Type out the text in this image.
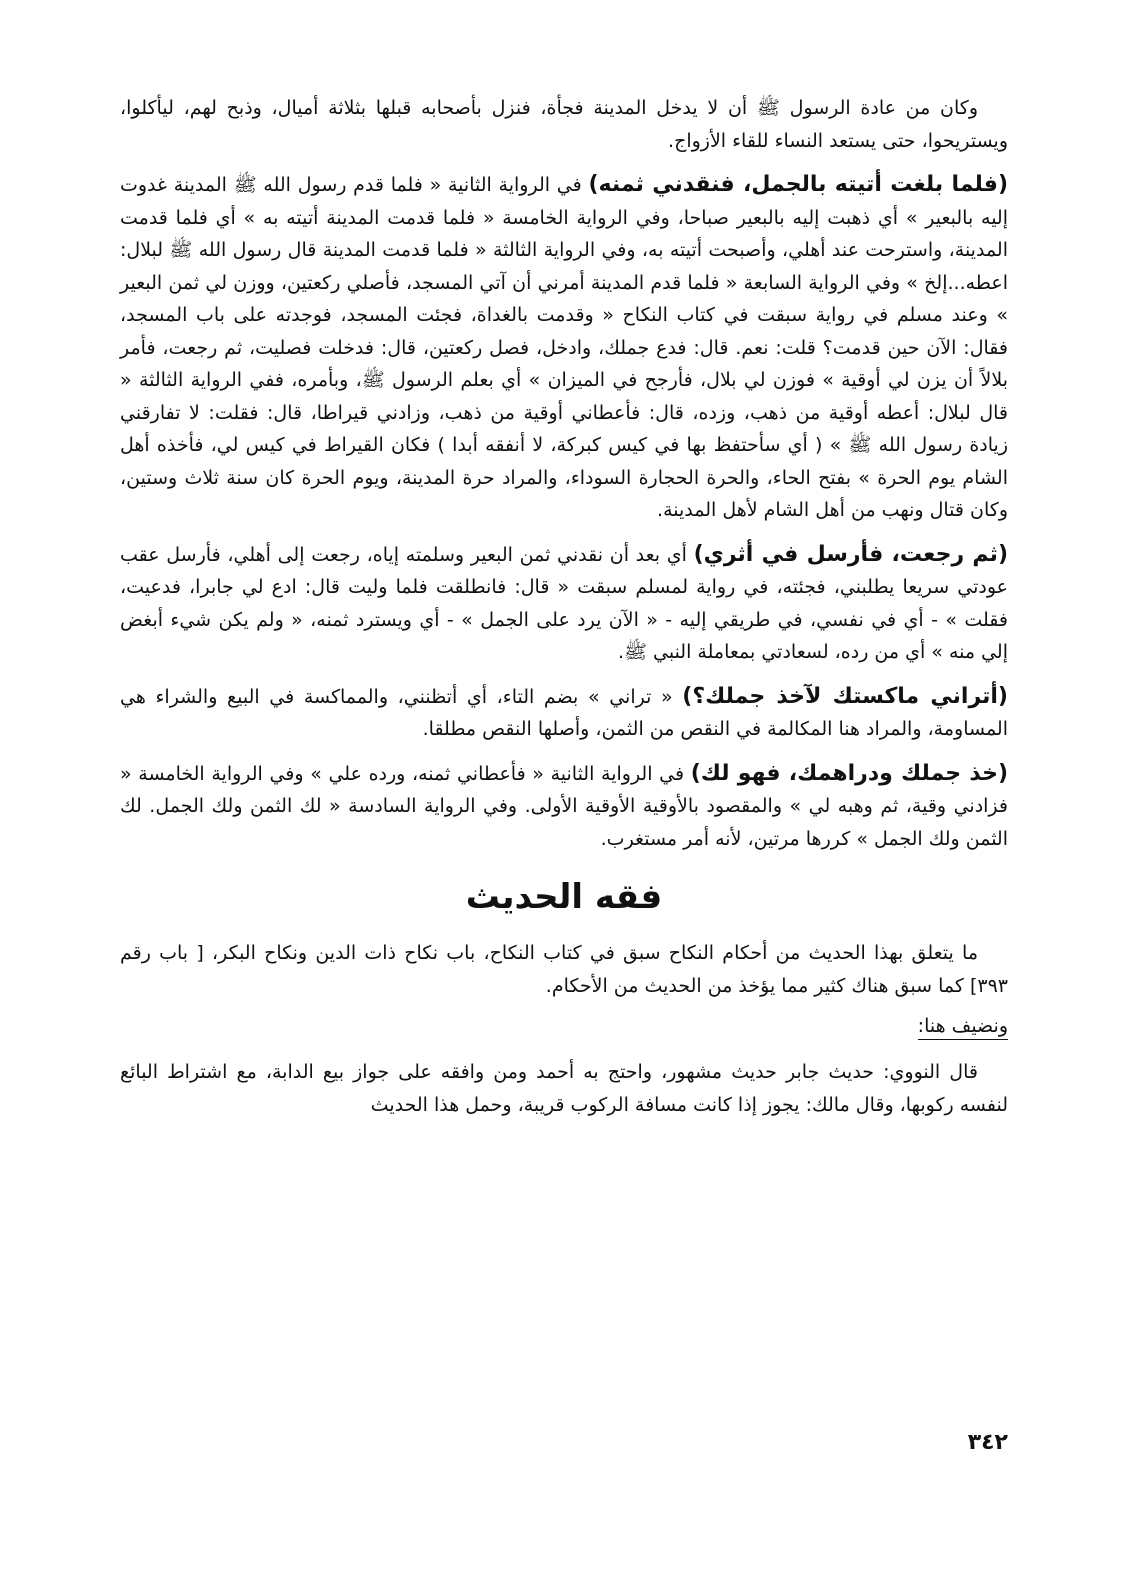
وكان من عادة الرسول ﷺ أن لا يدخل المدينة فجأة، فنزل بأصحابه قبلها بثلاثة أميال، وذبح لهم، ليأكلوا، ويستريحوا، حتى يستعد النساء للقاء الأزواج.

(فلما بلغت أتيته بالجمل، فنقدني ثمنه) في الرواية الثانية « فلما قدم رسول الله ﷺ المدينة غدوت إليه بالبعير » أي ذهبت إليه بالبعير صباحا، وفي الرواية الخامسة « فلما قدمت المدينة أتيته به » أي فلما قدمت المدينة، واسترحت عند أهلي، وأصبحت أتيته به، وفي الرواية الثالثة « فلما قدمت المدينة قال رسول الله ﷺ لبلال: اعطه...إلخ » وفي الرواية السابعة « فلما قدم المدينة أمرني أن آتي المسجد، فأصلي ركعتين، ووزن لي ثمن البعير » وعند مسلم في رواية سبقت في كتاب النكاح « وقدمت بالغداة، فجئت المسجد، فوجدته على باب المسجد، فقال: الآن حين قدمت؟ قلت: نعم. قال: فدع جملك، وادخل، فصل ركعتين، قال: فدخلت فصليت، ثم رجعت، فأمر بلالاً أن يزن لي أوقية » فوزن لي بلال، فأرجح في الميزان » أي بعلم الرسول ﷺ، وبأمره، ففي الرواية الثالثة « قال لبلال: أعطه أوقية من ذهب، وزده، قال: فأعطاني أوقية من ذهب، وزادني قيراطا، قال: فقلت: لا تفارقني زيادة رسول الله ﷺ » ( أي سأحتفظ بها في كيس كبركة، لا أنفقه أبدا ) فكان القيراط في كيس لي، فأخذه أهل الشام يوم الحرة » بفتح الحاء، والحرة الحجارة السوداء، والمراد حرة المدينة، ويوم الحرة كان سنة ثلاث وستين، وكان قتال ونهب من أهل الشام لأهل المدينة.

(ثم رجعت، فأرسل في أثري) أي بعد أن نقدني ثمن البعير وسلمته إياه، رجعت إلى أهلي، فأرسل عقب عودتي سريعا يطلبني، فجئته، في رواية لمسلم سبقت « قال: فانطلقت فلما وليت قال: ادع لي جابرا، فدعيت، فقلت » - أي في نفسي، في طريقي إليه - « الآن يرد على الجمل » - أي ويسترد ثمنه، « ولم يكن شيء أبغض إلي منه » أي من رده، لسعادتي بمعاملة النبي ﷺ.

(أتراني ماكستك لآخذ جملك؟) « تراني » بضم التاء، أي أتظنني، والمماكسة في البيع والشراء هي المساومة، والمراد هنا المكالمة في النقص من الثمن، وأصلها النقص مطلقا.

(خذ جملك ودراهمك، فهو لك) في الرواية الثانية « فأعطاني ثمنه، ورده علي » وفي الرواية الخامسة « فزادني وقية، ثم وهبه لي » والمقصود بالأوقية الأوقية الأولى. وفي الرواية السادسة « لك الثمن ولك الجمل. لك الثمن ولك الجمل » كررها مرتين، لأنه أمر مستغرب.

فقه الحديث

ما يتعلق بهذا الحديث من أحكام النكاح سبق في كتاب النكاح، باب نكاح ذات الدين ونكاح البكر، [ باب رقم ٣٩٣] كما سبق هناك كثير مما يؤخذ من الحديث من الأحكام.

ونضيف هنا:

قال النووي: حديث جابر حديث مشهور، واحتج به أحمد ومن وافقه على جواز بيع الدابة، مع اشتراط البائع لنفسه ركوبها، وقال مالك: يجوز إذا كانت مسافة الركوب قريبة، وحمل هذا الحديث

٣٤٢
